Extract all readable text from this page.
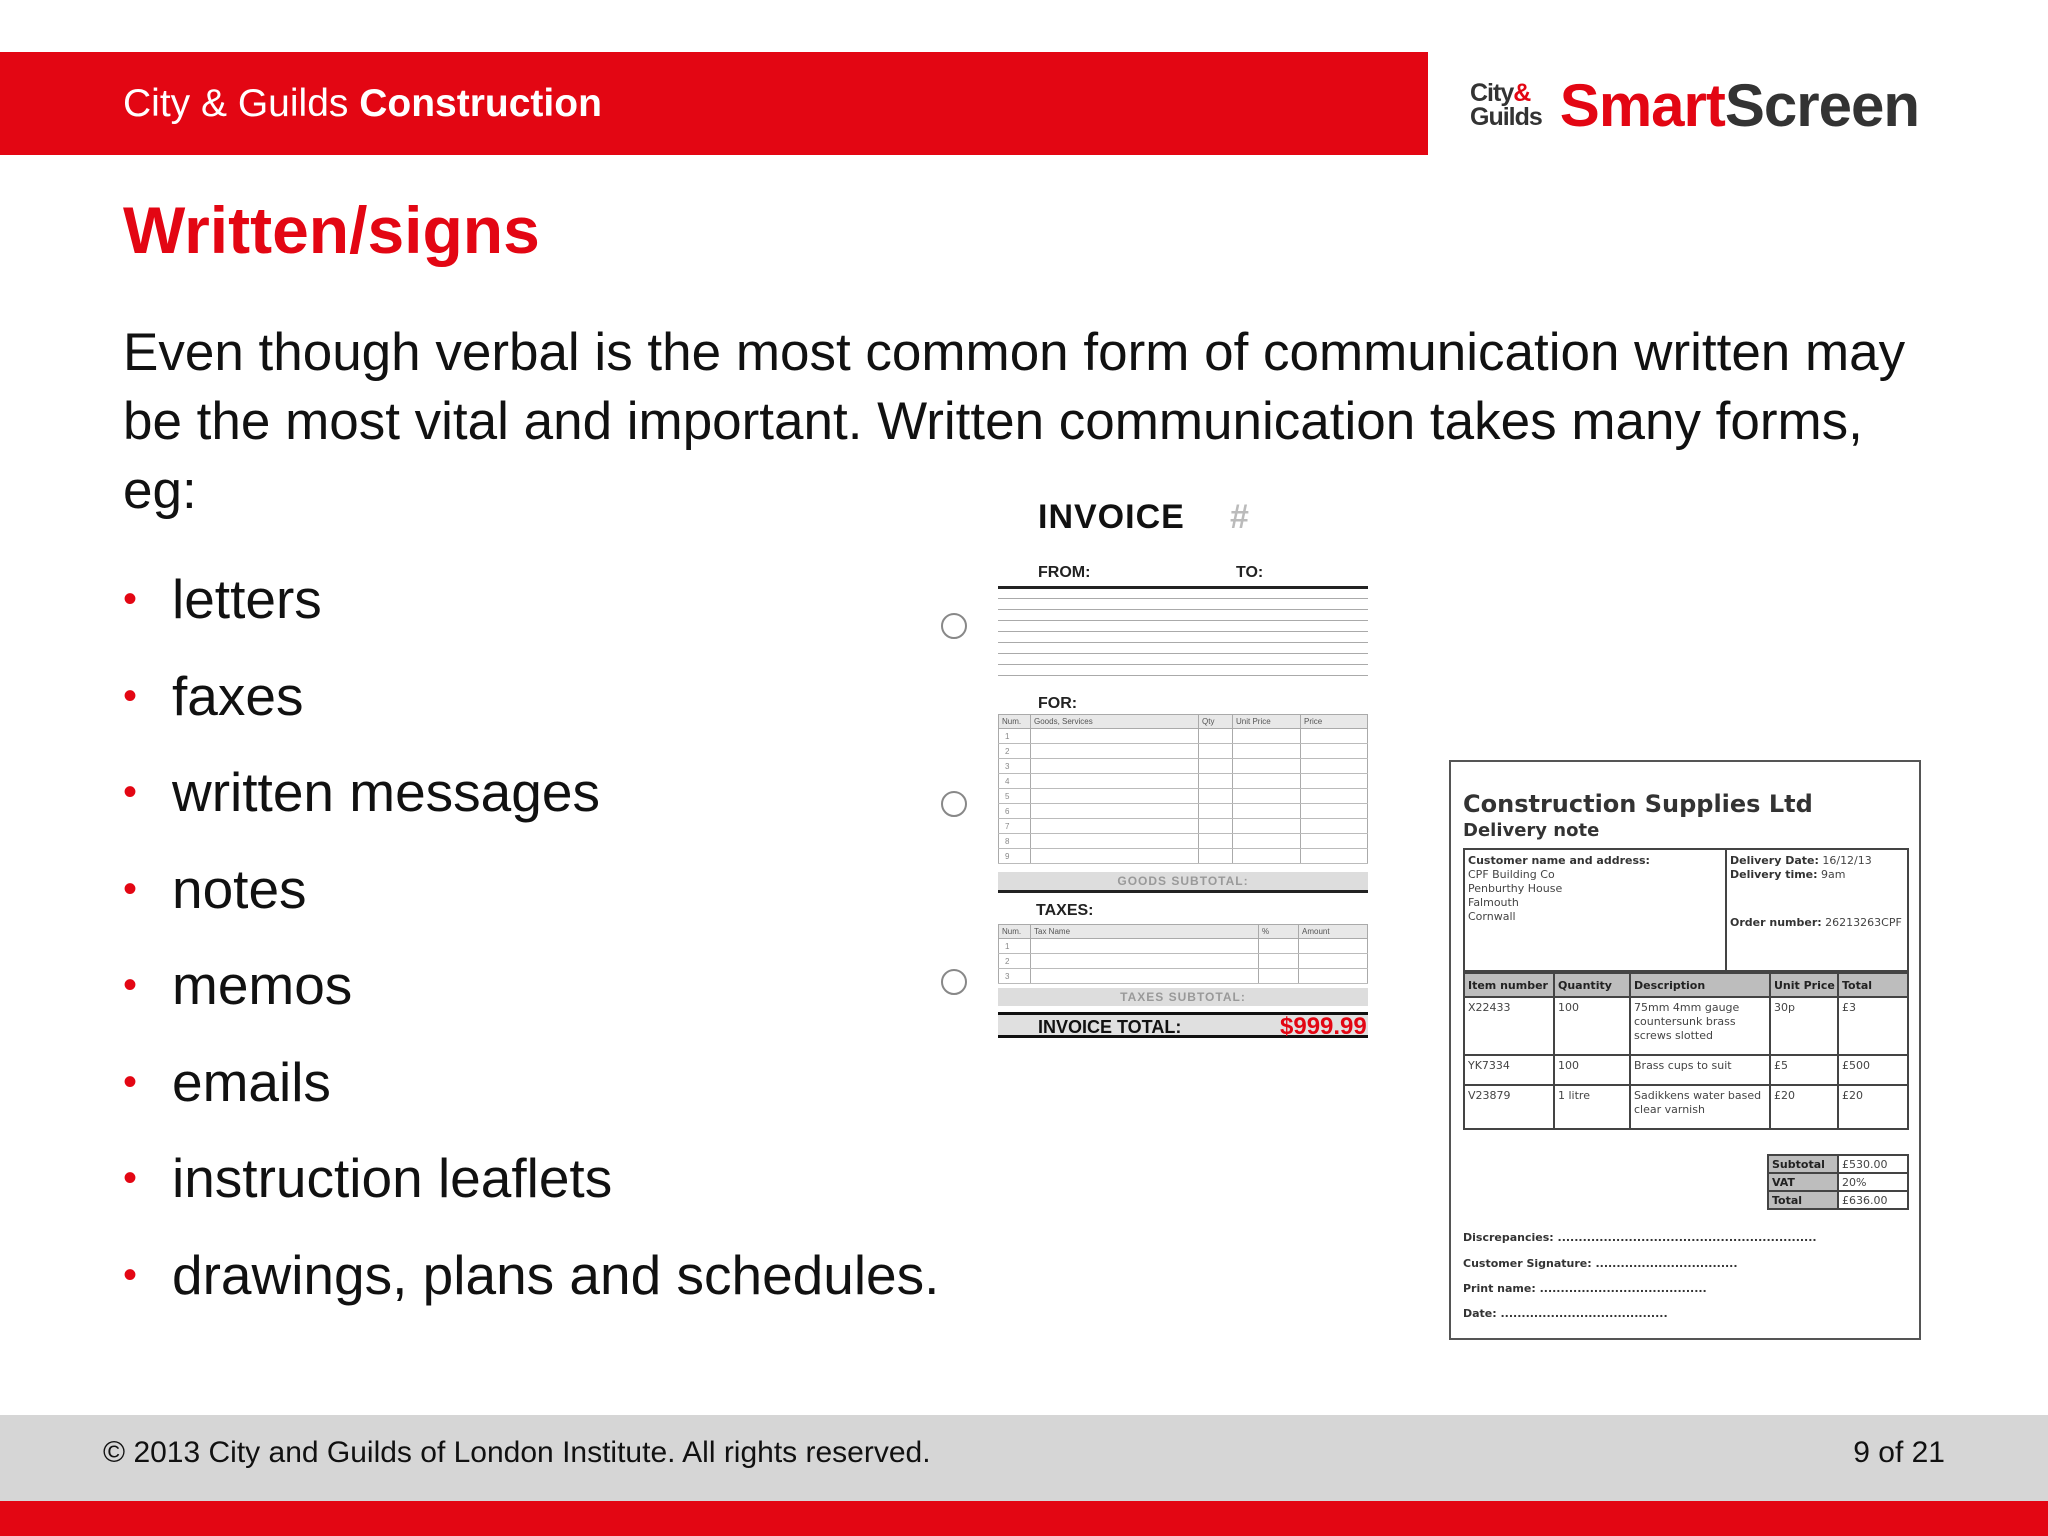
City & Guilds Construction	City&
Guilds SmartScreen
Written/signs
Even though verbal is the most common form of communication written may be the most vital and important. Written communication takes many forms, eg:
• letters
• faxes
• written messages
• notes
• memos
• emails
• instruction leaflets
• drawings, plans and schedules.
INVOICE #
FROM:	TO:
FOR:
Num.	Goods, Services	Qty	Unit Price	Price
1				
2				
3				
4				
5				
6				
7				
8				
9				
GOODS SUBTOTAL:
TAXES:
Num.	Tax Name	%	Amount
1			
2			
3			
TAXES SUBTOTAL:
INVOICE TOTAL:	$999.99
Construction Supplies Ltd
Delivery note
Customer name and address:
CPF Building Co
Penburthy House
Falmouth
Cornwall
Delivery Date: 16/12/13
Delivery time: 9am
Order number: 26213263CPF
Item number	Quantity	Description	Unit Price	Total
X22433	100	75mm 4mm gauge countersunk brass screws slotted	30p	£3
YK7334	100	Brass cups to suit	£5	£500
V23879	1 litre	Sadikkens water based clear varnish	£20	£20
Subtotal	£530.00
VAT	20%
Total	£636.00
Discrepancies: ..............................................................
Customer Signature: ..................................
Print name: ........................................
Date: ........................................
© 2013 City and Guilds of London Institute. All rights reserved.	9 of 21
